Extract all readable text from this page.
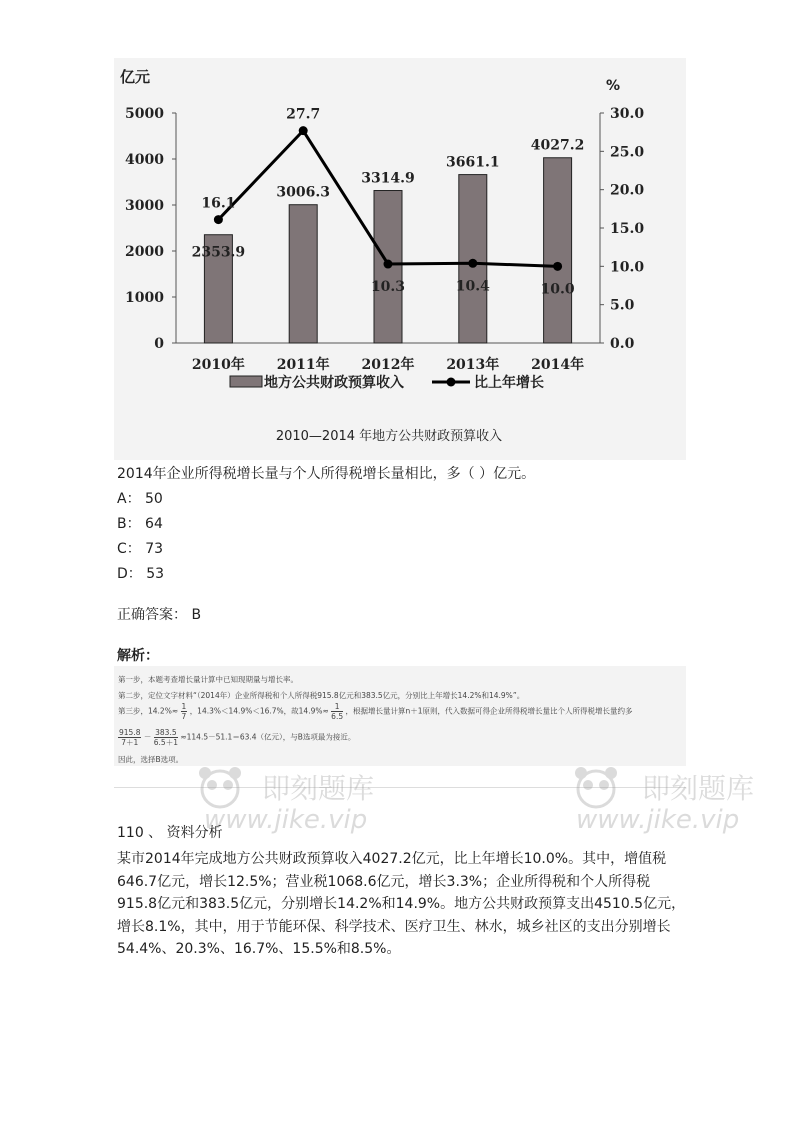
5000
4000
3000
2000
1000
0
30.0
25.0
20.0
15.0
10.0
5.0
0.0
亿元	%
2353.9
3006.3
3314.9
3661.1
4027.2
16.1
27.7
10.3	10.4	10.0
2010年 2011年 2012年 2013年 2014年
地方公共财政预算收入	比上年增长
2010—2014 年地方公共财政预算收入
2014年企业所得税增长量与个人所得税增长量相比，多（ ）亿元。
A： 50
B： 64
C： 73
D： 53
正确答案： B
解析：
第一步，本题考查增长量计算中已知现期量与增长率。
第二步，定位文字材料“（2014年）企业所得税和个人所得税915.8亿元和383.5亿元，分别比上年增长14.2%和14.9%”。
第三步，$14.2\%\approx \frac{1}{7}$ ，14.3%＜14.9%＜16.7%，故$14.9\%\approx \frac{1}{6.5}$ ，根据增长量计算n＋1原则，代入数据可得企业所得税增长量比个人所得税增长量约多
$\frac{915.8}{7+1} - \frac{383.5}{6.5+1} \approx 114.5-51.1=63.4$（亿元），与B选项最为接近。
因此，选择B选项。
即刻题库
www.jike.vip
即刻题库
www.jike.vip
110 、 资料分析
某市2014年完成地方公共财政预算收入4027.2亿元，比上年增长10.0%。其中，增值税646.7亿元，增长12.5%；营业税1068.6亿元，增长3.3%；企业所得税和个人所得税915.8亿元和383.5亿元，分别增长14.2%和14.9%。地方公共财政预算支出4510.5亿元，增长8.1%，其中，用于节能环保、科学技术、医疗卫生、林水，城乡社区的支出分别增长54.4%、20.3%、16.7%、15.5%和8.5%。
